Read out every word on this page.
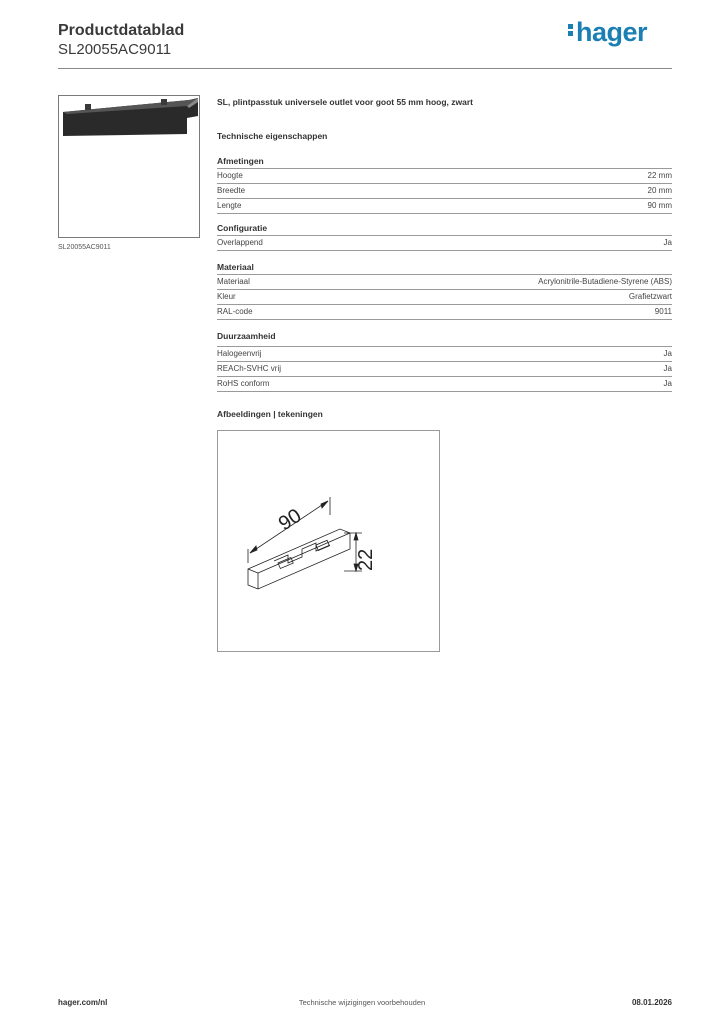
Productdatablad
SL20055AC9011
hager
SL20055AC9011
SL, plintpasstuk universele outlet voor goot 55 mm hoog, zwart
Technische eigenschappen
Afmetingen
Hoogte	22 mm
Breedte	20 mm
Lengte	90 mm
Configuratie
Overlappend	Ja
Materiaal
Materiaal	Acrylonitrile-Butadiene-Styrene (ABS)
Kleur	Grafietzwart
RAL-code	9011
Duurzaamheid
Halogeenvrij	Ja
REACh-SVHC vrij	Ja
RoHS conform	Ja
Afbeeldingen | tekeningen
90
22
hager.com/nl	Technische wijzigingen voorbehouden	08.01.2026
